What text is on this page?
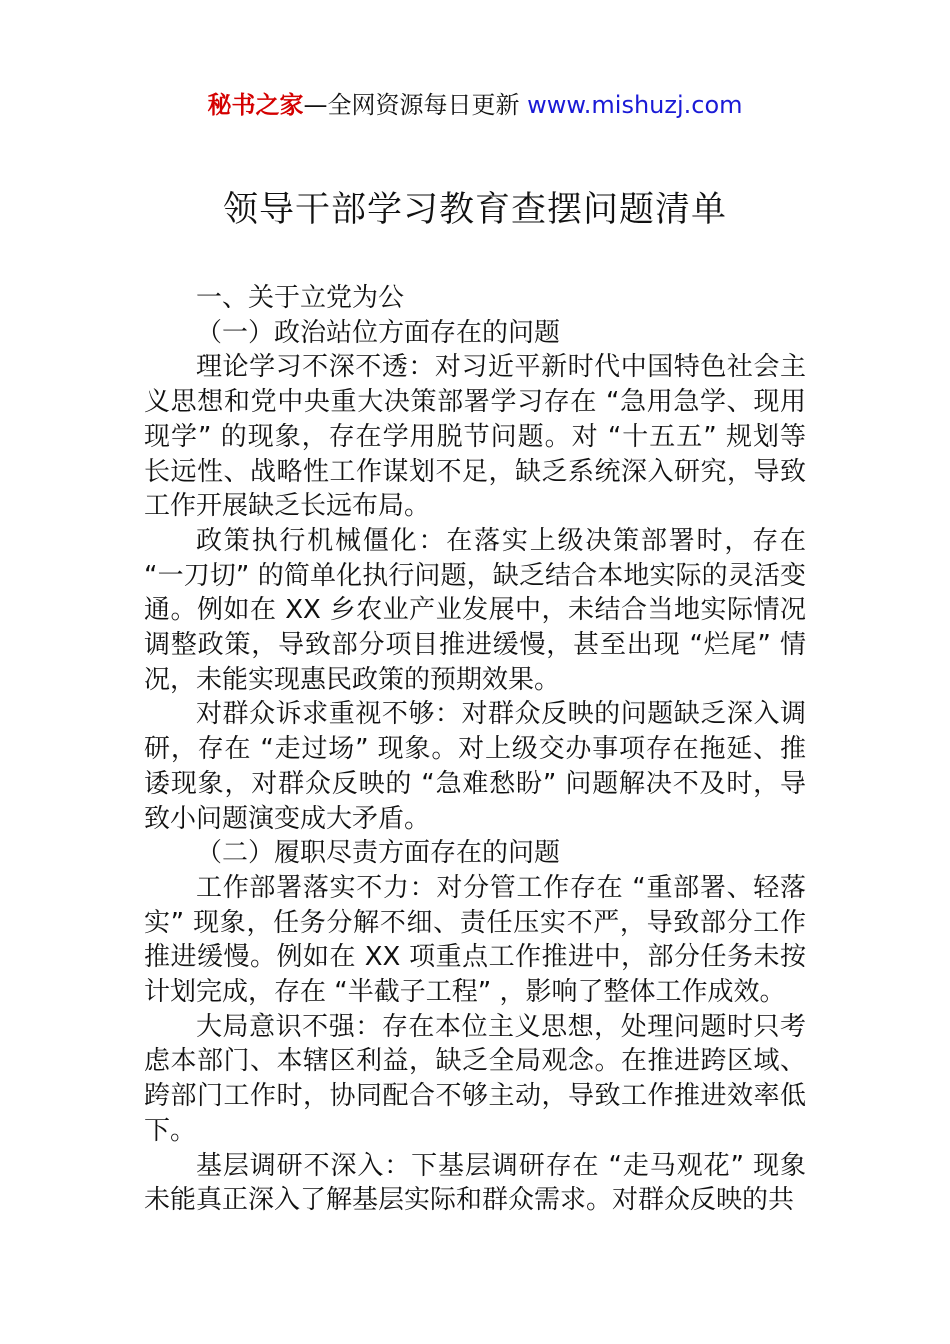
秘书之家—全网资源每日更新 www.mishuzj.com
领导干部学习教育查摆问题清单

一、关于立党为公

（一）政治站位方面存在的问题

理论学习不深不透：对习近平新时代中国特色社会主义思想和党中央重大决策部署学习存在 “急用急学、现用现学” 的现象，存在学用脱节问题。对 “十五五” 规划等长远性、战略性工作谋划不足，缺乏系统深入研究，导致工作开展缺乏长远布局。

政策执行机械僵化：在落实上级决策部署时，存在 “一刀切” 的简单化执行问题，缺乏结合本地实际的灵活变通。例如在 XX 乡农业产业发展中，未结合当地实际情况调整政策，导致部分项目推进缓慢，甚至出现 “烂尾” 情况，未能实现惠民政策的预期效果。

对群众诉求重视不够：对群众反映的问题缺乏深入调研，存在 “走过场” 现象。对上级交办事项存在拖延、推诿现象，对群众反映的 “急难愁盼” 问题解决不及时，导致小问题演变成大矛盾。

（二）履职尽责方面存在的问题

工作部署落实不力：对分管工作存在 “重部署、轻落实” 现象，任务分解不细、责任压实不严，导致部分工作推进缓慢。例如在 XX 项重点工作推进中，部分任务未按计划完成，存在 “半截子工程” ，影响了整体工作成效。

大局意识不强：存在本位主义思想，处理问题时只考虑本部门、本辖区利益，缺乏全局观念。在推进跨区域、跨部门工作时，协同配合不够主动，导致工作推进效率低下。

基层调研不深入：下基层调研存在 “走马观花” 现象未能真正深入了解基层实际和群众需求。对群众反映的共
